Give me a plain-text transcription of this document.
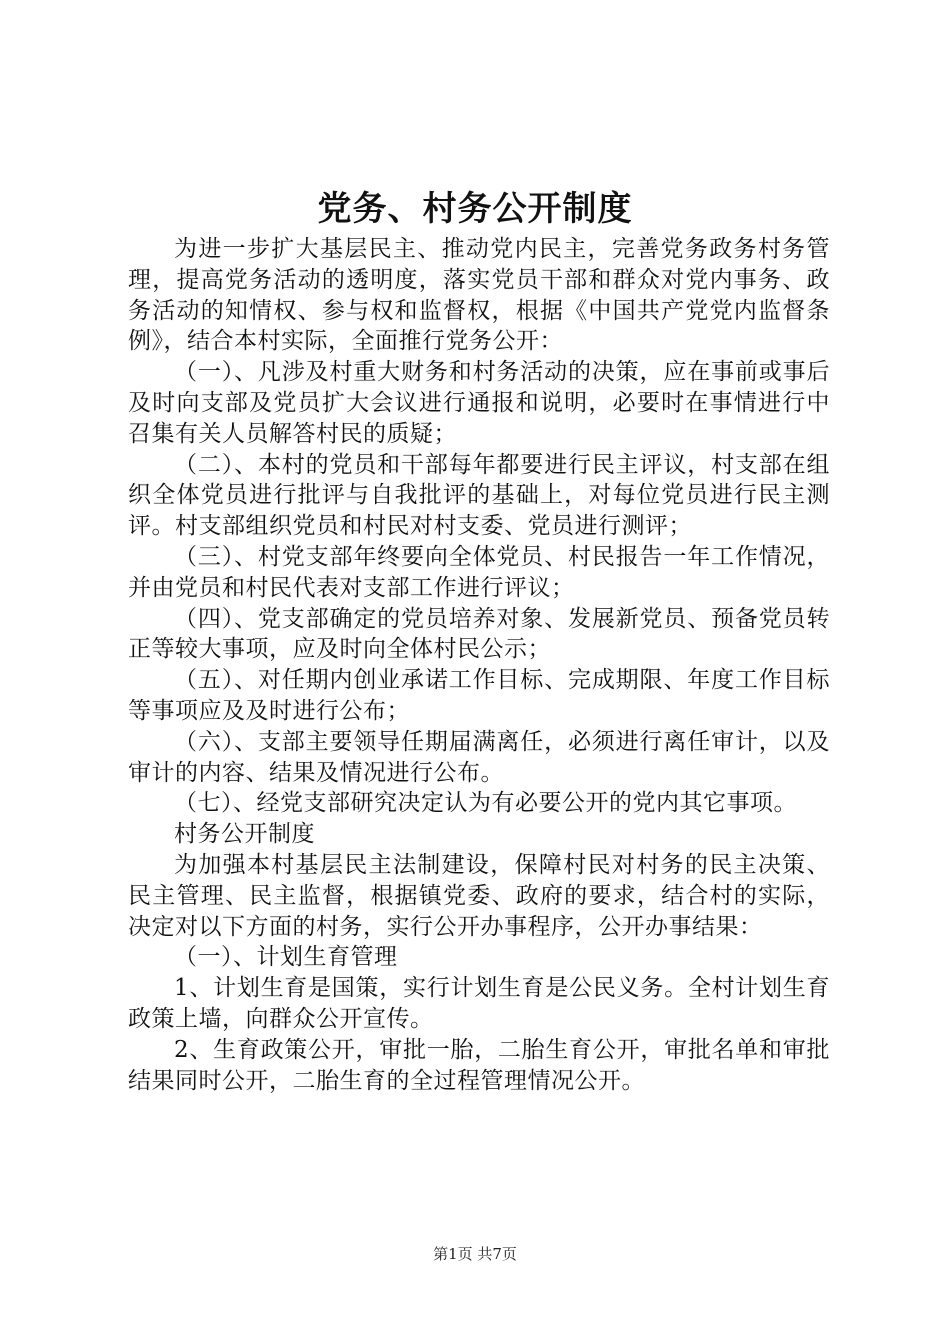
党务、村务公开制度

为进一步扩大基层民主、推动党内民主，完善党务政务村务管理，提高党务活动的透明度，落实党员干部和群众对党内事务、政务活动的知情权、参与权和监督权，根据《中国共产党党内监督条例》，结合本村实际，全面推行党务公开：

（一）、凡涉及村重大财务和村务活动的决策，应在事前或事后及时向支部及党员扩大会议进行通报和说明，必要时在事情进行中召集有关人员解答村民的质疑；

（二）、本村的党员和干部每年都要进行民主评议，村支部在组织全体党员进行批评与自我批评的基础上，对每位党员进行民主测评。村支部组织党员和村民对村支委、党员进行测评；

（三）、村党支部年终要向全体党员、村民报告一年工作情况，并由党员和村民代表对支部工作进行评议；

（四）、党支部确定的党员培养对象、发展新党员、预备党员转正等较大事项，应及时向全体村民公示；

（五）、对任期内创业承诺工作目标、完成期限、年度工作目标等事项应及及时进行公布；

（六）、支部主要领导任期届满离任，必须进行离任审计，以及审计的内容、结果及情况进行公布。

（七）、经党支部研究决定认为有必要公开的党内其它事项。

村务公开制度

为加强本村基层民主法制建设，保障村民对村务的民主决策、民主管理、民主监督，根据镇党委、政府的要求，结合村的实际，决定对以下方面的村务，实行公开办事程序，公开办事结果：

（一）、计划生育管理

1、计划生育是国策，实行计划生育是公民义务。全村计划生育政策上墙，向群众公开宣传。

2、生育政策公开，审批一胎，二胎生育公开，审批名单和审批结果同时公开，二胎生育的全过程管理情况公开。

第1页 共7页
